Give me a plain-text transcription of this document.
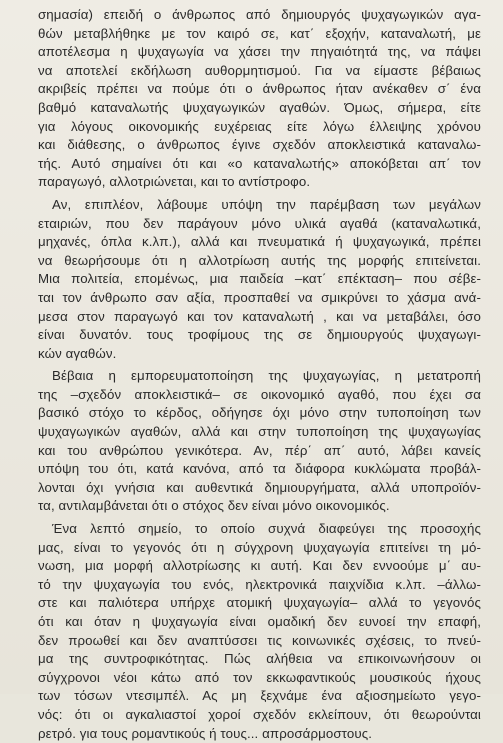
σημασία) επειδή ο άνθρωπος από δημιουργός ψυχαγωγικών αγα-
θών μεταβλήθηκε με τον καιρό σε, κατ΄ εξοχήν, καταναλωτή, με
αποτέλεσμα η ψυχαγωγία να χάσει την πηγαιότητά της, να πάψει
να αποτελεί εκδήλωση αυθορμητισμού. Για να είμαστε βέβαιως
ακριβείς πρέπει να πούμε ότι ο άνθρωπος ήταν ανέκαθεν σ΄ ένα
βαθμό καταναλωτής ψυχαγωγικών αγαθών. Όμως, σήμερα, είτε
για λόγους οικονομικής ευχέρειας είτε λόγω έλλειψης χρόνου
και διάθεσης, ο άνθρωπος έγινε σχεδόν αποκλειστικά καταναλω-
τής. Αυτό σημαίνει ότι και «ο καταναλωτής» αποκόβεται απ΄ τον
παραγωγό, αλλοτριώνεται, και το αντίστροφο.

Αν, επιπλέον, λάβουμε υπόψη την παρέμβαση των μεγάλων
εταιριών, που δεν παράγουν μόνο υλικά αγαθά (καταναλωτικά,
μηχανές, όπλα κ.λπ.), αλλά και πνευματικά ή ψυχαγωγικά, πρέπει
να θεωρήσουμε ότι η αλλοτρίωση αυτής της μορφής επιτείνεται.
Μια πολιτεία, επομένως, μια παιδεία –κατ΄ επέκταση– που σέβε-
ται τον άνθρωπο σαν αξία, προσπαθεί να σμικρύνει το χάσμα ανά-
μεσα στον παραγωγό και τον καταναλωτή , και να μεταβάλει, όσο
είναι δυνατόν. τους τροφίμους της σε δημιουργούς ψυχαγωγι-
κών αγαθών.

Βέβαια η εμπορευματοποίηση της ψυχαγωγίας, η μετατροπή
της –σχεδόν αποκλειστικά– σε οικονομικό αγαθό, που έχει σα
βασικό στόχο το κέρδος, οδήγησε όχι μόνο στην τυποποίηση των
ψυχαγωγικών αγαθών, αλλά και στην τυποποίηση της ψυχαγωγίας
και του ανθρώπου γενικότερα. Αν, πέρ΄ απ΄ αυτό, λάβει κανείς
υπόψη του ότι, κατά κανόνα, από τα διάφορα κυκλώματα προβάλ-
λονται όχι γνήσια και αυθεντικά δημιουργήματα, αλλά υποπροϊόν-
τα, αντιλαμβάνεται ότι ο στόχος δεν είναι μόνο οικονομικός.

Ένα λεπτό σημείο, το οποίο συχνά διαφεύγει της προσοχής
μας, είναι το γεγονός ότι η σύγχρονη ψυχαγωγία επιτείνει τη μό-
νωση, μια μορφή αλλοτρίωσης κι αυτή. Και δεν εννοούμε μ΄ αυ-
τό την ψυχαγωγία του ενός, ηλεκτρονικά παιχνίδια κ.λπ. –άλλω-
στε και παλιότερα υπήρχε ατομική ψυχαγωγία– αλλά το γεγονός
ότι και όταν η ψυχαγωγία είναι ομαδική δεν ευνοεί την επαφή,
δεν προωθεί και δεν αναπτύσσει τις κοινωνικές σχέσεις, το πνεύ-
μα της συντροφικότητας. Πώς αλήθεια να επικοινωνήσουν οι
σύγχρονοι νέοι κάτω από τον εκκωφαντικούς μουσικούς ήχους
των τόσων ντεσιμπέλ. Ας μη ξεχνάμε ένα αξιοσημείωτο γεγο-
νός: ότι οι αγκαλιαστοί χοροί σχεδόν εκλείπουν, ότι θεωρούνται
ρετρό. για τους ρομαντικούς ή τους... απροσάρμοστους.
